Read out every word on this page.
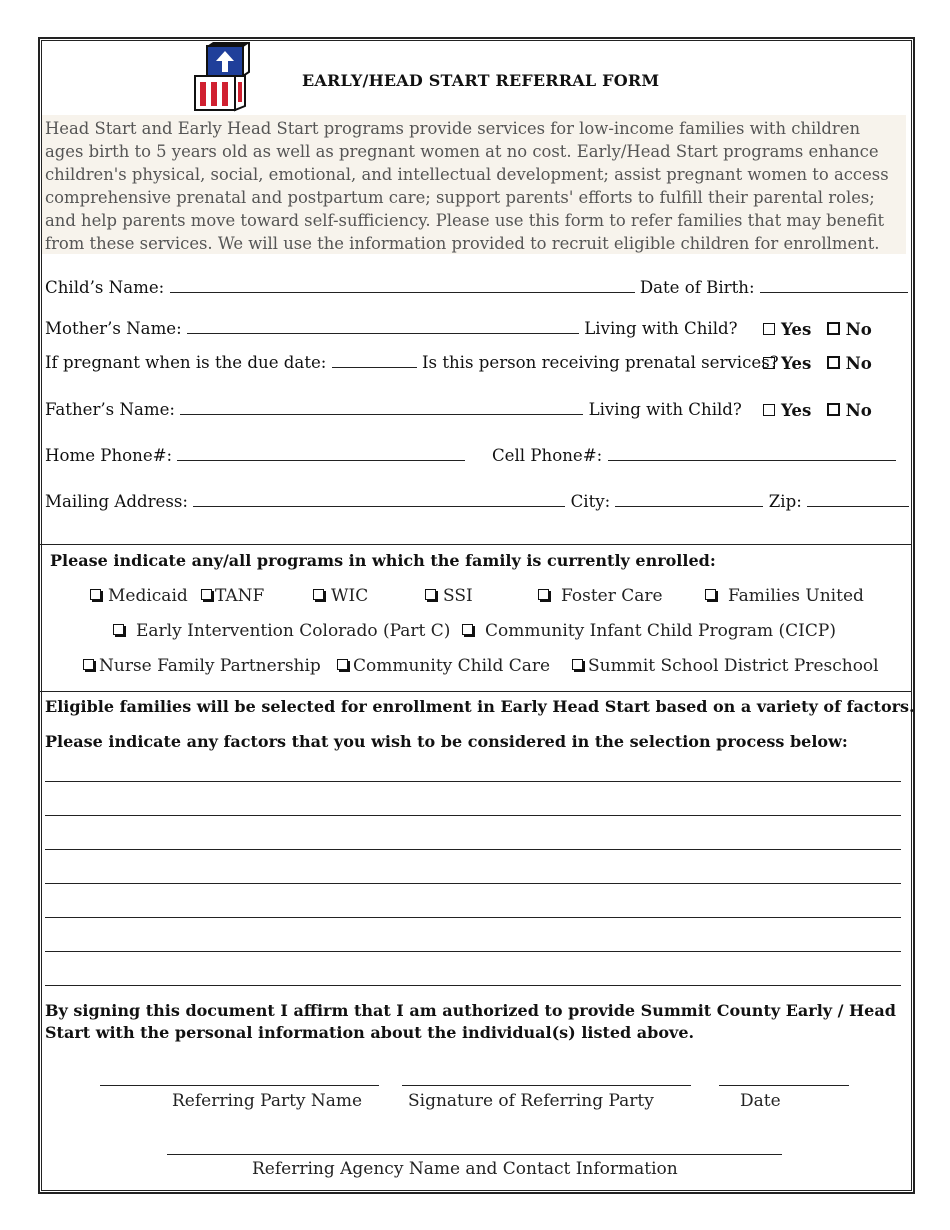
EARLY/HEAD START REFERRAL FORM
Head Start and Early Head Start programs provide services for low-income families with children ages birth to 5 years old as well as pregnant women at no cost. Early/Head Start programs enhance children's physical, social, emotional, and intellectual development; assist pregnant women to access comprehensive prenatal and postpartum care; support parents' efforts to fulfill their parental roles; and help parents move toward self-sufficiency. Please use this form to refer families that may benefit from these services. We will use the information provided to recruit eligible children for enrollment.
Child’s Name:	Date of Birth:
Mother’s Name:	Living with Child?	Yes No
If pregnant when is the due date:	Is this person receiving prenatal services? Yes No
Father’s Name:	Living with Child?	Yes No
Home Phone#:	Cell Phone#:
Mailing Address:	City:	Zip:
Please indicate any/all programs in which the family is currently enrolled:
Medicaid	TANF	WIC	SSI	Foster Care	Families United
Early Intervention Colorado (Part C)	Community Infant Child Program (CICP)
Nurse Family Partnership	Community Child Care	Summit School District Preschool
Eligible families will be selected for enrollment in Early Head Start based on a variety of factors.
Please indicate any factors that you wish to be considered in the selection process below:
By signing this document I affirm that I am authorized to provide Summit County Early / Head Start with the personal information about the individual(s) listed above.
Referring Party Name	Signature of Referring Party	Date
Referring Agency Name and Contact Information
